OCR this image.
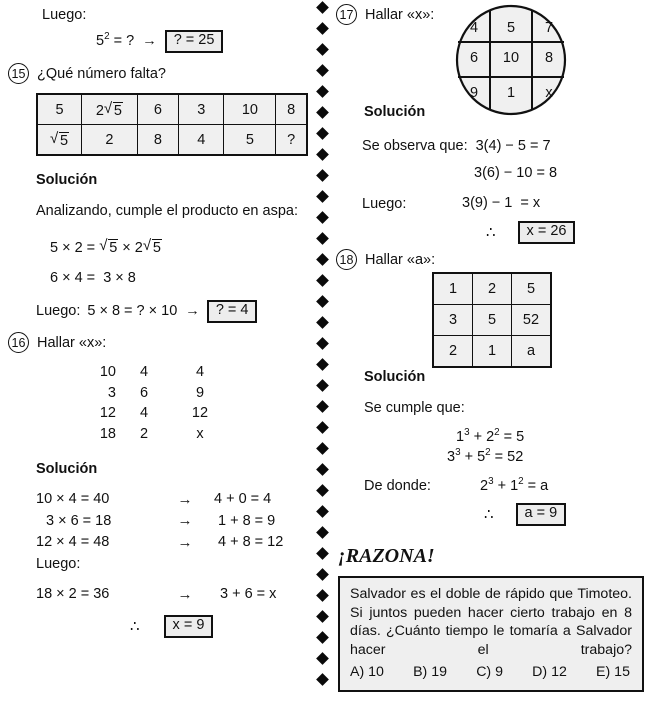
Luego:
$5^2$ = ?  →	? = 25
15 ¿Qué número falta?
5	2 √ 5	6	3	10	8
√ 5	2	8	4	5	?
Solución
Analizando, cumple el producto en aspa:
5 × 2 = √ 5 × 2 √ 5
6 × 4 =  3 × 8
Luego: 5 × 8 = ? × 10  →	? = 4
16 Hallar «x»:
10	4	4
3	6	9
12	4	12
18	2	x
Solución
10 × 4 = 40	→	4 + 0 = 4
3 × 6 = 18	→	1 + 8 = 9
12 × 4 = 48	→	4 + 8 = 12
Luego:
18 × 2 = 36	→	3 + 6 = x
∴	x = 9
17 Hallar «x»:
4	5	7
6	10	8
9	1	x
Solución
Se observa que: 3(4) − 5 = 7
3(6) − 10 = 8
Luego:	3(9) − 1  = x
∴	x = 26
18 Hallar «a»:
1	2	5
3	5	52
2	1	a
Solución
Se cumple que:
$1^3 + 2^2 = 5$
$3^3 + 5^2 = 52$
De donde:	$2^3 + 1^2 = a$
∴	a = 9
¡RAZONA!
Salvador es el doble de rápido que Timoteo. Si juntos pueden hacer cierto trabajo en 8 días. ¿Cuánto tiempo le tomaría a Salvador hacer el trabajo?
A) 10 B) 19 C) 9 D) 12 E) 15
